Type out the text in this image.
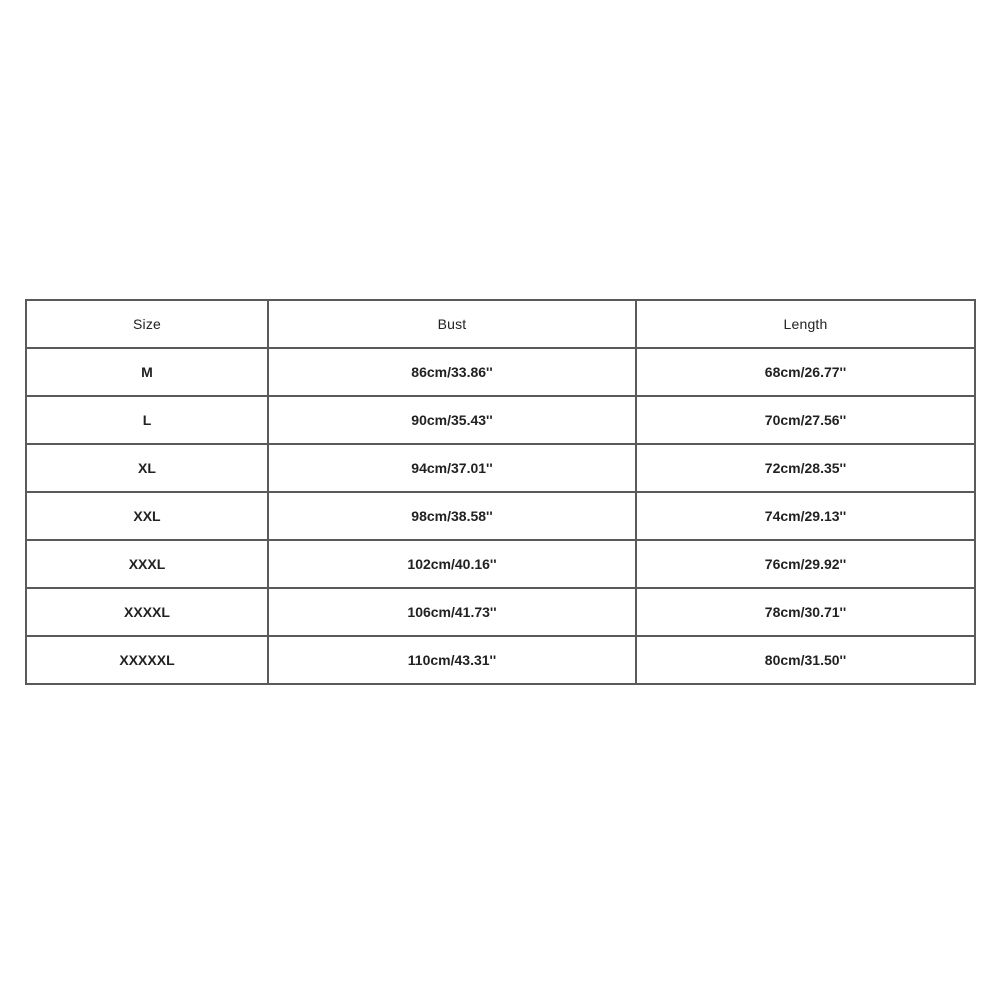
Size	Bust	Length
M	86cm/33.86''	68cm/26.77''
L	90cm/35.43''	70cm/27.56''
XL	94cm/37.01''	72cm/28.35''
XXL	98cm/38.58''	74cm/29.13''
XXXL	102cm/40.16''	76cm/29.92''
XXXXL	106cm/41.73''	78cm/30.71''
XXXXXL	110cm/43.31''	80cm/31.50''
